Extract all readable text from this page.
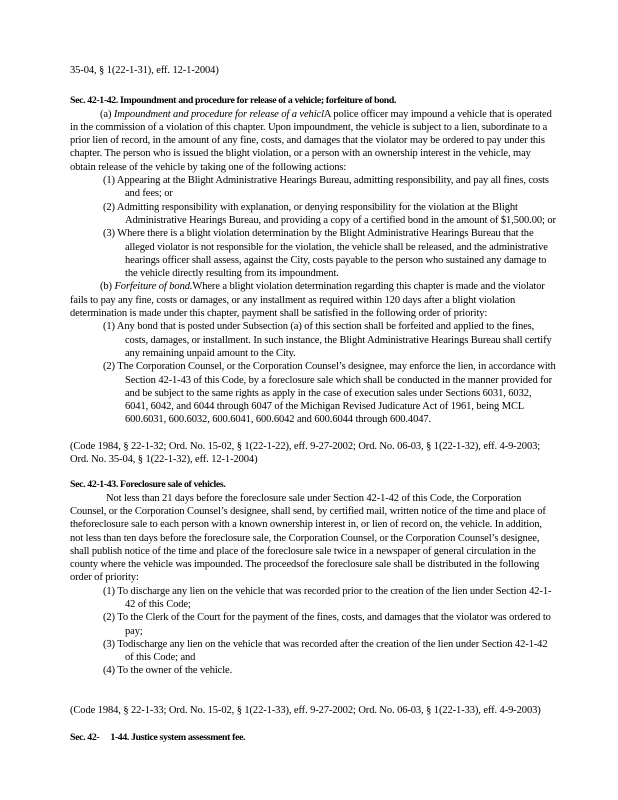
35-04, § 1(22-1-31), eff. 12-1-2004)

Sec. 42-1-42. Impoundment and procedure for release of a vehicle; forfeiture of bond.

(a) Impoundment and procedure for release of a vehiclA police officer may impound a vehicle that is operated in the commission of a violation of this chapter. Upon impoundment, the vehicle is subject to a lien, subordinate to a prior lien of record, in the amount of any fine, costs, and damages that the violator may be ordered to pay under this chapter. The person who is issued the blight violation, or a person with an ownership interest in the vehicle, may obtain release of the vehicle by taking one of the following actions:

(1) Appearing at the Blight Administrative Hearings Bureau, admitting responsibility, and pay all fines, costs and fees; or

(2) Admitting responsibility with explanation, or denying responsibility for the violation at the Blight Administrative Hearings Bureau, and providing a copy of a certified bond in the amount of $1,500.00; or

(3) Where there is a blight violation determination by the Blight Administrative Hearings Bureau that the alleged violator is not responsible for the violation, the vehicle shall be released, and the administrative hearings officer shall assess, against the City, costs payable to the person who sustained any damage to the vehicle directly resulting from its impoundment.

(b) Forfeiture of bond.Where a blight violation determination regarding this chapter is made and the violator fails to pay any fine, costs or damages, or any installment as required within 120 days after a blight violation determination is made under this chapter, payment shall be satisfied in the following order of priority:

(1) Any bond that is posted under Subsection (a) of this section shall be forfeited and applied to the fines, costs, damages, or installment. In such instance, the Blight Administrative Hearings Bureau shall certify any remaining unpaid amount to the City.

(2) The Corporation Counsel, or the Corporation Counsel’s designee, may enforce the lien, in accordance with Section 42-1-43 of this Code, by a foreclosure sale which shall be conducted in the manner provided for and be subject to the same rights as apply in the case of execution sales under Sections 6031, 6032, 6041, 6042, and 6044 through 6047 of the Michigan Revised Judicature Act of 1961, being MCL 600.6031, 600.6032, 600.6041, 600.6042 and 600.6044 through 600.4047.

(Code 1984, § 22-1-32; Ord. No. 15-02, § 1(22-1-22), eff. 9-27-2002; Ord. No. 06-03, § 1(22-1-32), eff. 4-9-2003; Ord. No. 35-04, § 1(22-1-32), eff. 12-1-2004)

Sec. 42-1-43. Foreclosure sale of vehicles.

Not less than 21 days before the foreclosure sale under Section 42-1-42 of this Code, the Corporation Counsel, or the Corporation Counsel’s designee, shall send, by certified mail, written notice of the time and place of theforeclosure sale to each person with a known ownership interest in, or lien of record on, the vehicle. In addition, not less than ten days before the foreclosure sale, the Corporation Counsel, or the Corporation Counsel’s designee, shall publish notice of the time and place of the foreclosure sale twice in a newspaper of general circulation in the county where the vehicle was impounded. The proceedsof the foreclosure sale shall be distributed in the following order of priority:

(1) To discharge any lien on the vehicle that was recorded prior to the creation of the lien under Section 42-1-42 of this Code;

(2) To the Clerk of the Court for the payment of the fines, costs, and damages that the violator was ordered to pay;

(3) Todischarge any lien on the vehicle that was recorded after the creation of the lien under Section 42-1-42 of this Code; and

(4) To the owner of the vehicle.

(Code 1984, § 22-1-33; Ord. No. 15-02, § 1(22-1-33), eff. 9-27-2002; Ord. No. 06-03, § 1(22-1-33), eff. 4-9-2003)

Sec. 42- 1-44. Justice system assessment fee.
